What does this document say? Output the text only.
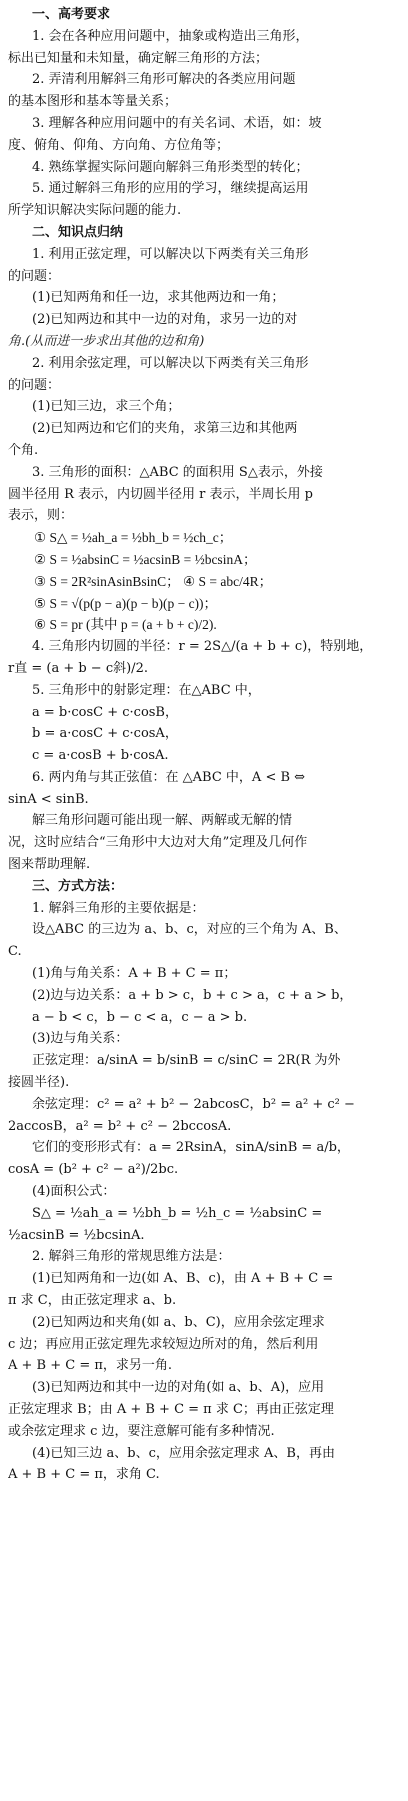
一、高考要求
1. 会在各种应用问题中，抽象或构造出三角形，
标出已知量和未知量，确定解三角形的方法；
2. 弄清利用解斜三角形可解决的各类应用问题
的基本图形和基本等量关系；
3. 理解各种应用问题中的有关名词、术语，如：坡
度、俯角、仰角、方向角、方位角等；
4. 熟练掌握实际问题向解斜三角形类型的转化；
5. 通过解斜三角形的应用的学习，继续提高运用
所学知识解决实际问题的能力.
二、知识点归纳
1. 利用正弦定理，可以解决以下两类有关三角形
的问题：
(1)已知两角和任一边，求其他两边和一角；
(2)已知两边和其中一边的对角，求另一边的对
角.(从而进一步求出其他的边和角)
2. 利用余弦定理，可以解决以下两类有关三角形
的问题：
(1)已知三边，求三个角；
(2)已知两边和它们的夹角，求第三边和其他两
个角.
3. 三角形的面积：△ABC 的面积用 S△表示，外接
圆半径用 R 表示，内切圆半径用 r 表示，半周长用 p
表示，则：
① S△ = ½ah_a = ½bh_b = ½ch_c；
② S = ½absinC = ½acsinB = ½bcsinA；
③ S = 2R²sinAsinBsinC； ④ S = abc/4R；
⑤ S = √(p(p − a)(p − b)(p − c))；
⑥ S = pr (其中 p = (a + b + c)/2).
4. 三角形内切圆的半径：r = 2S△/(a + b + c)，特别地，
r直 = (a + b − c斜)/2.
5. 三角形中的射影定理：在△ABC 中，
a = b·cosC + c·cosB，
b = a·cosC + c·cosA，
c = a·cosB + b·cosA.
6. 两内角与其正弦值：在 △ABC 中，A < B ⇔
sinA < sinB.
解三角形问题可能出现一解、两解或无解的情
况，这时应结合“三角形中大边对大角”定理及几何作
图来帮助理解.
三、方式方法：
1. 解斜三角形的主要依据是：
设△ABC 的三边为 a、b、c，对应的三个角为 A、B、
C.
(1)角与角关系：A + B + C = π；
(2)边与边关系：a + b > c，b + c > a，c + a > b，
a − b < c，b − c < a，c − a > b.
(3)边与角关系：
正弦定理：a/sinA = b/sinB = c/sinC = 2R(R 为外
接圆半径).
余弦定理：c² = a² + b² − 2abcosC，b² = a² + c² −
2accosB，a² = b² + c² − 2bccosA.
它们的变形形式有：a = 2RsinA，sinA/sinB = a/b，
cosA = (b² + c² − a²)/2bc.
(4)面积公式：
S△ = ½ah_a = ½bh_b = ½h_c = ½absinC =
½acsinB = ½bcsinA.
2. 解斜三角形的常规思维方法是：
(1)已知两角和一边(如 A、B、c)，由 A + B + C =
π 求 C，由正弦定理求 a、b.
(2)已知两边和夹角(如 a、b、C)，应用余弦定理求
c 边；再应用正弦定理先求较短边所对的角，然后利用
A + B + C = π，求另一角.
(3)已知两边和其中一边的对角(如 a、b、A)，应用
正弦定理求 B；由 A + B + C = π 求 C；再由正弦定理
或余弦定理求 c 边，要注意解可能有多种情况.
(4)已知三边 a、b、c，应用余弦定理求 A、B，再由
A + B + C = π，求角 C.
